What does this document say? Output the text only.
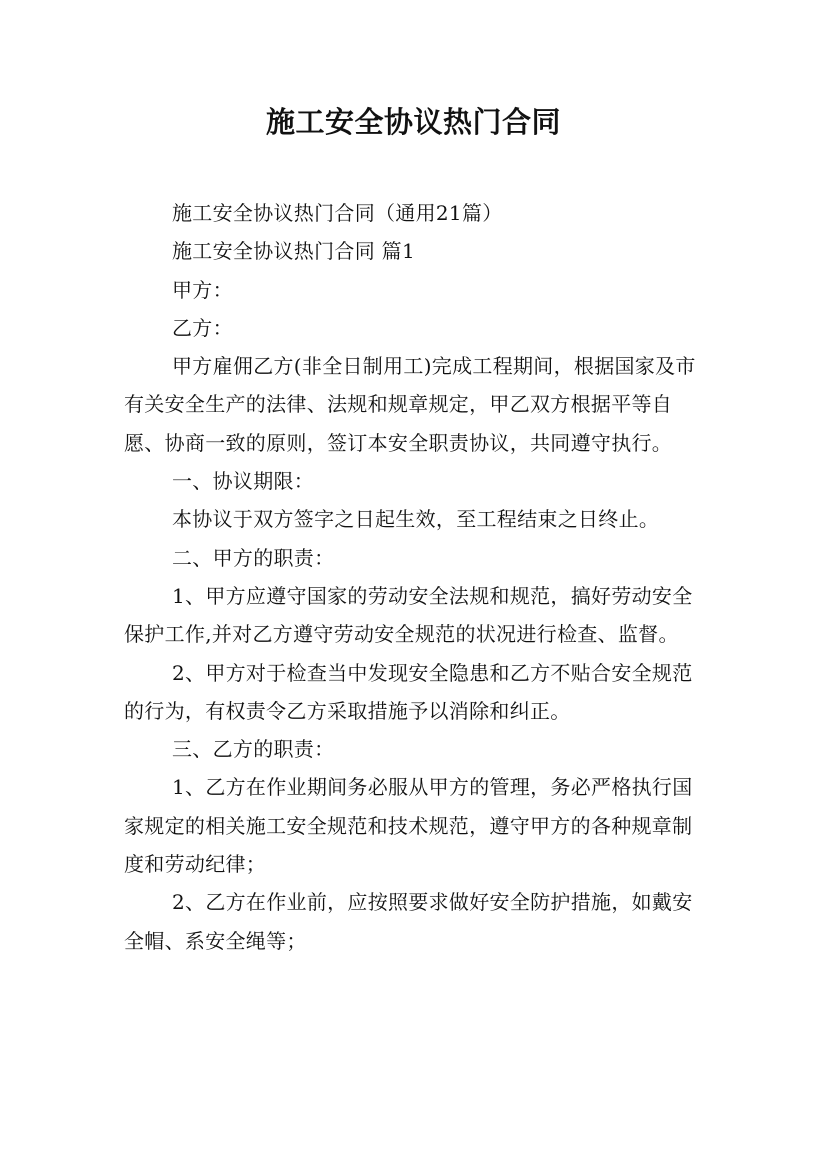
施工安全协议热门合同

施工安全协议热门合同（通用21篇）

施工安全协议热门合同 篇1

甲方：

乙方：

甲方雇佣乙方(非全日制用工)完成工程期间，根据国家及市有关安全生产的法律、法规和规章规定，甲乙双方根据平等自愿、协商一致的原则，签订本安全职责协议，共同遵守执行。

一、协议期限：

本协议于双方签字之日起生效，至工程结束之日终止。

二、甲方的职责：

1、甲方应遵守国家的劳动安全法规和规范，搞好劳动安全保护工作,并对乙方遵守劳动安全规范的状况进行检查、监督。

2、甲方对于检查当中发现安全隐患和乙方不贴合安全规范的行为，有权责令乙方采取措施予以消除和纠正。

三、乙方的职责：

1、乙方在作业期间务必服从甲方的管理，务必严格执行国家规定的相关施工安全规范和技术规范，遵守甲方的各种规章制度和劳动纪律；

2、乙方在作业前，应按照要求做好安全防护措施，如戴安全帽、系安全绳等；
